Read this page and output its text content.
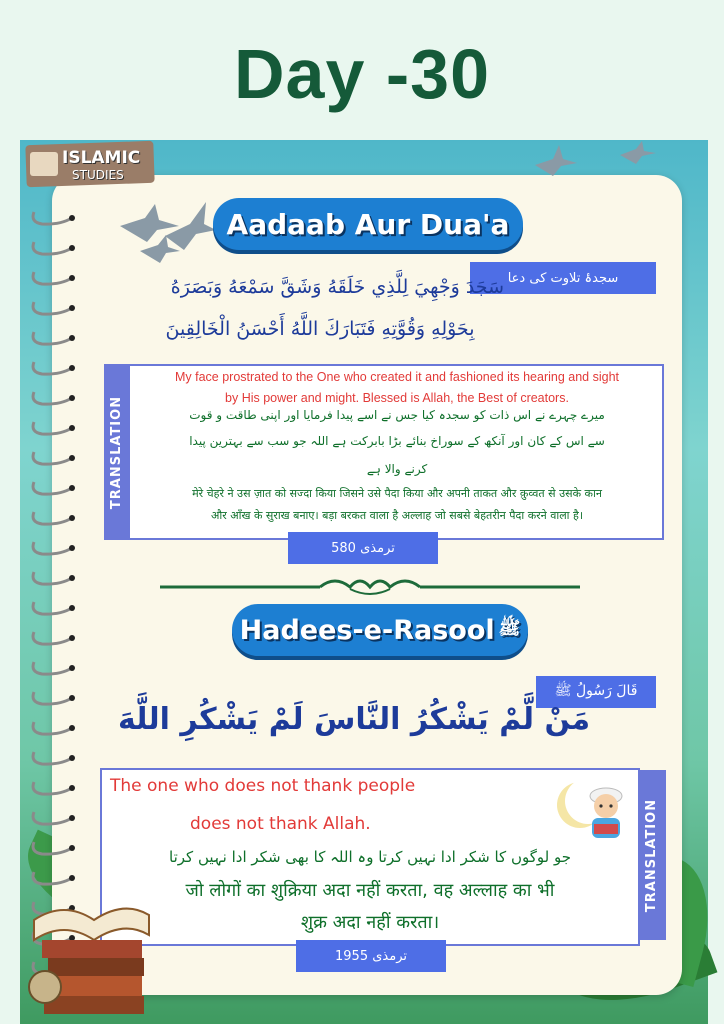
Day -30
ISLAMIC
STUDIES
Aadaab Aur Dua'a
سجدۂ تلاوت کی دعا
سَجَدَ وَجْهِيَ لِلَّذِي خَلَقَهُ وَشَقَّ سَمْعَهُ وَبَصَرَهُ
بِحَوْلِهِ وَقُوَّتِهِ فَتَبَارَكَ اللَّهُ أَحْسَنُ الْخَالِقِينَ
TRANSLATION
My face prostrated to the One who created it and fashioned its hearing and sight
by His power and might. Blessed is Allah, the Best of creators.
میرے چہرے نے اس ذات کو سجدہ کیا جس نے اسے پیدا فرمایا اور اپنی طاقت و قوت
سے اس کے کان اور آنکھ کے سوراخ بنائے بڑا بابرکت ہے اللہ جو سب سے بہترین پیدا
کرنے والا ہے
मेरे चेहरे ने उस ज़ात को सज्दा किया जिसने उसे पैदा किया और अपनी ताकत और क़ुव्वत से उसके कान
और आँख के सुराख बनाए। बड़ा बरकत वाला है अल्लाह जो सबसे बेहतरीन पैदा करने वाला है।
ترمذی 580
Hadees-e-Rasool ﷺ
قَالَ رَسُولُ ﷺ
مَنْ لَّمْ يَشْكُرُ النَّاسَ لَمْ يَشْكُرِ اللَّهَ
TRANSLATION
The one who does not thank people
does not thank Allah.
جو لوگوں کا شکر ادا نہیں کرتا وہ اللہ کا بھی شکر ادا نہیں کرتا
जो लोगों का शुक्रिया अदा नहीं करता, वह अल्लाह का भी
शुक्र अदा नहीं करता।
ترمذی 1955
